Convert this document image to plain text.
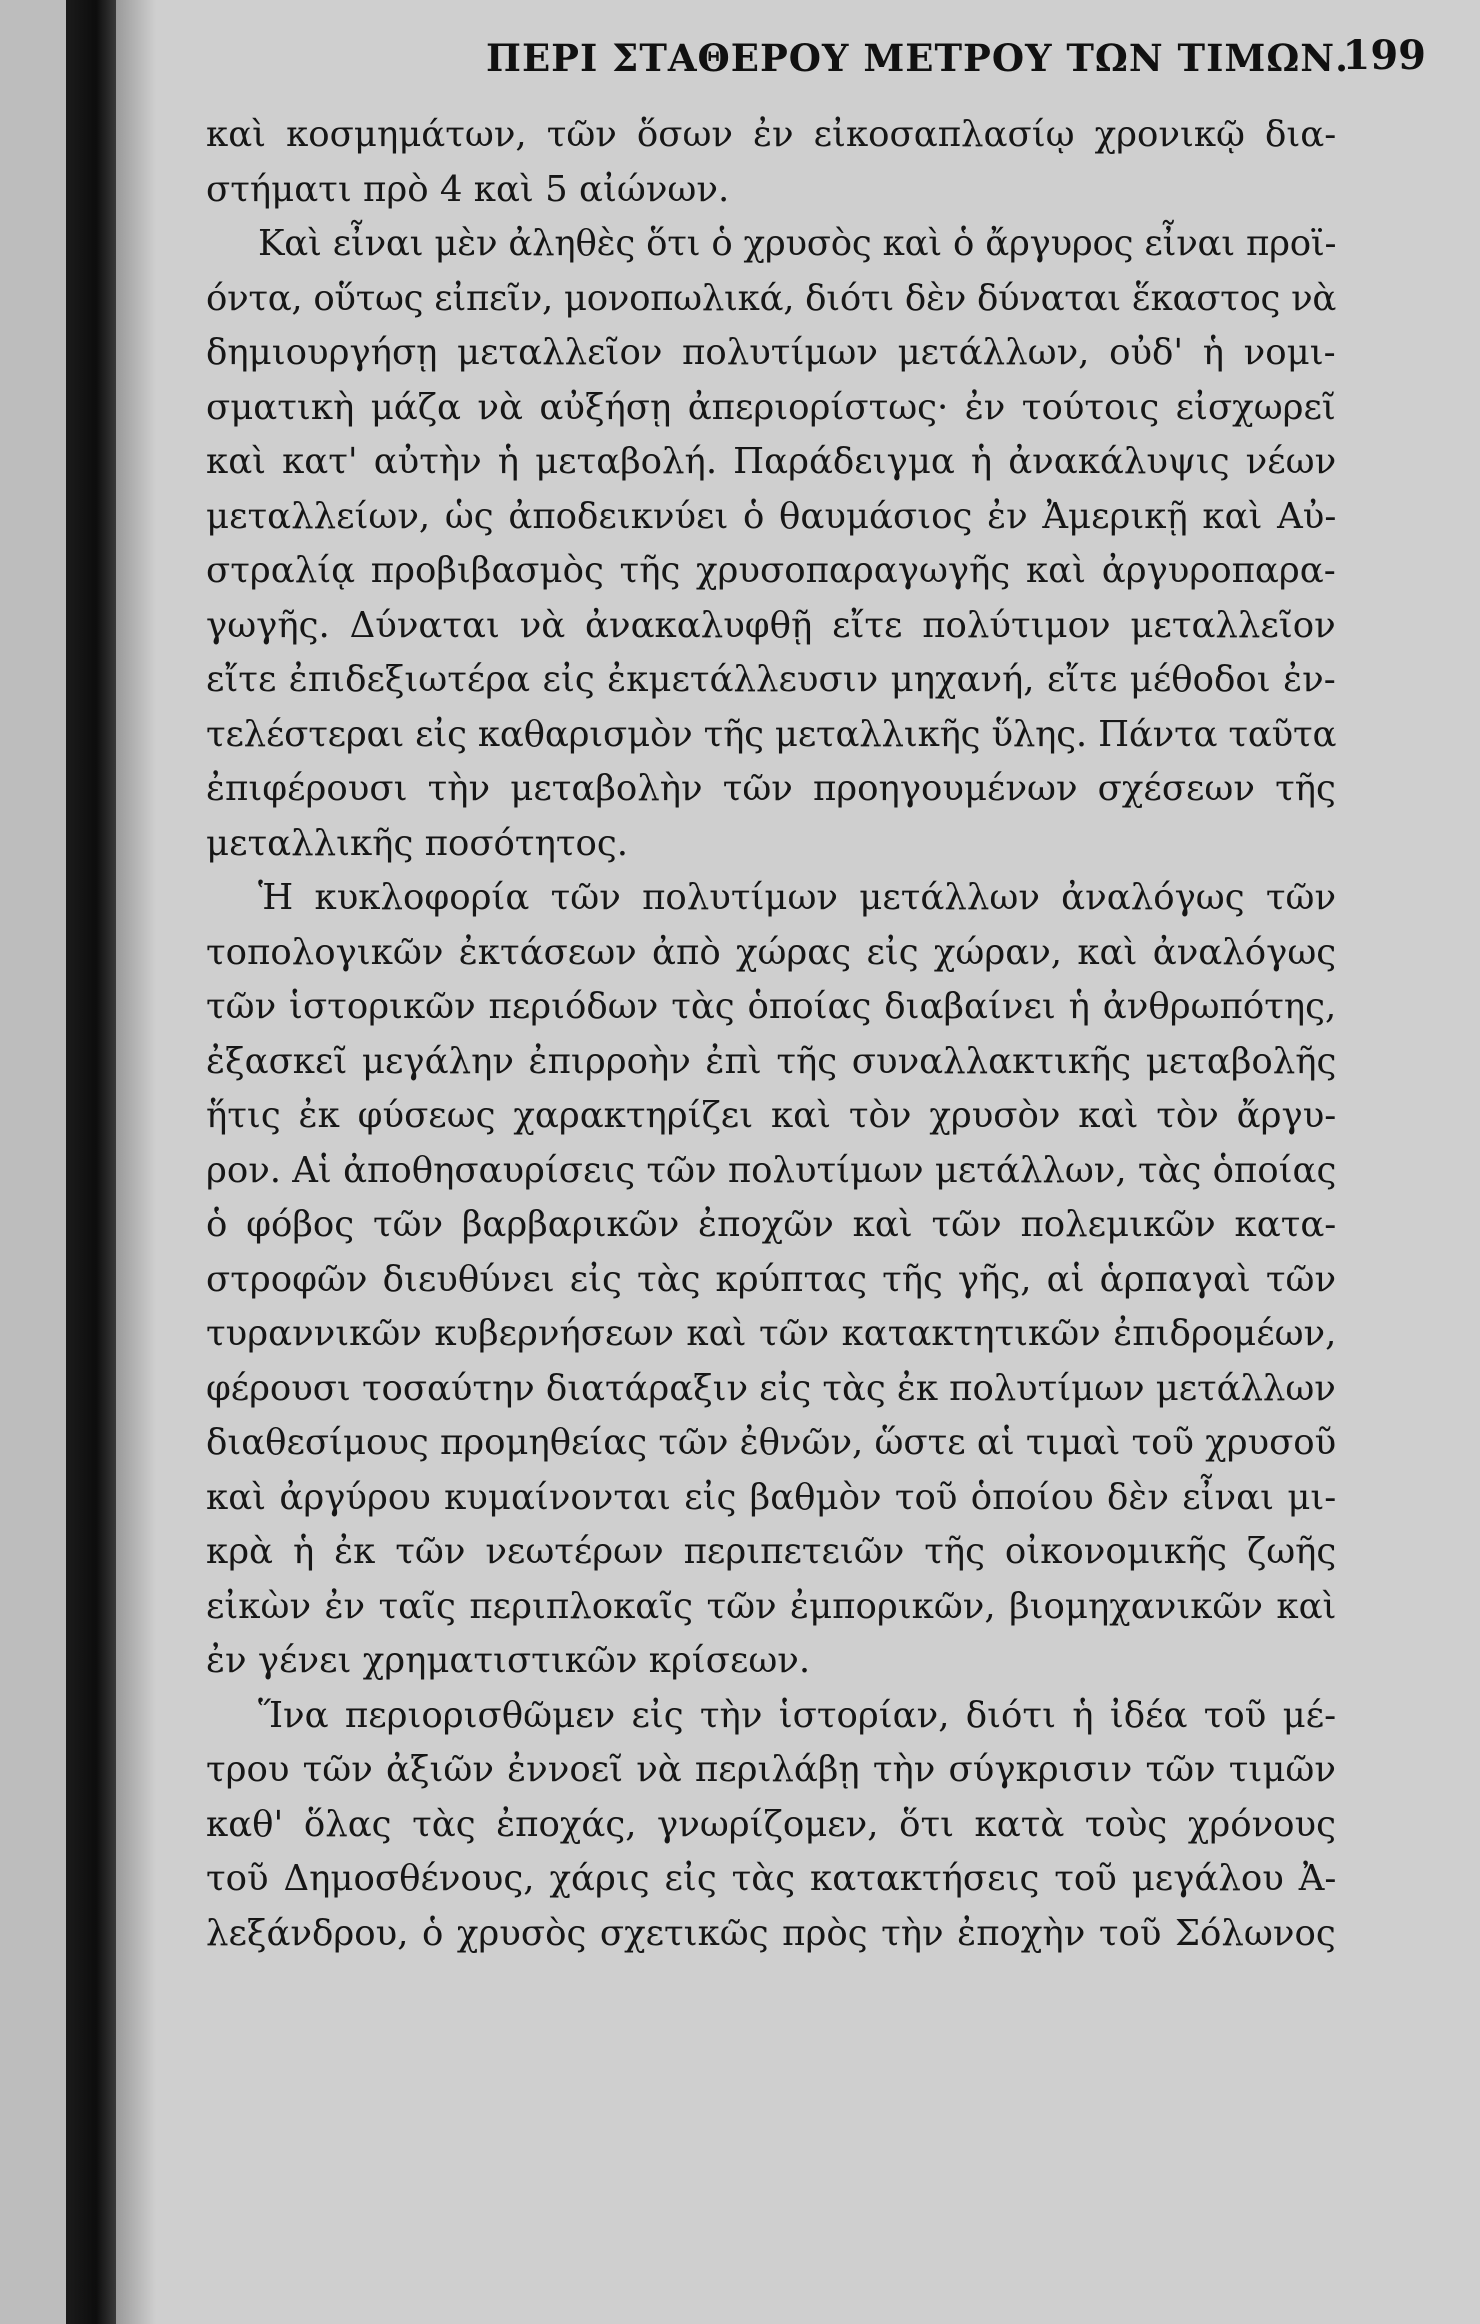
ΠΕΡΙ ΣΤΑΘΕΡΟΥ ΜΕΤΡΟΥ ΤΩΝ ΤΙΜΩΝ.
199
καὶ κοσμημάτων, τῶν ὅσων ἐν εἰκοσαπλασίῳ χρονικῷ δια-
στήματι πρὸ 4 καὶ 5 αἰώνων.
Καὶ εἶναι μὲν ἀληθὲς ὅτι ὁ χρυσὸς καὶ ὁ ἄργυρος εἶναι προϊ-
όντα, οὕτως εἰπεῖν, μονοπωλικά, διότι δὲν δύναται ἕκαστος νὰ
δημιουργήσῃ μεταλλεῖον πολυτίμων μετάλλων, οὐδ' ἡ νομι-
σματικὴ μάζα νὰ αὐξήσῃ ἀπεριορίστως· ἐν τούτοις εἰσχωρεῖ
καὶ κατ' αὐτὴν ἡ μεταβολή. Παράδειγμα ἡ ἀνακάλυψις νέων
μεταλλείων, ὡς ἀποδεικνύει ὁ θαυμάσιος ἐν Ἀμερικῇ καὶ Αὐ-
στραλίᾳ προβιβασμὸς τῆς χρυσοπαραγωγῆς καὶ ἀργυροπαρα-
γωγῆς. Δύναται νὰ ἀνακαλυφθῇ εἴτε πολύτιμον μεταλλεῖον
εἴτε ἐπιδεξιωτέρα εἰς ἐκμετάλλευσιν μηχανή, εἴτε μέθοδοι ἐν-
τελέστεραι εἰς καθαρισμὸν τῆς μεταλλικῆς ὕλης. Πάντα ταῦτα
ἐπιφέρουσι τὴν μεταβολὴν τῶν προηγουμένων σχέσεων τῆς
μεταλλικῆς ποσότητος.
Ἡ κυκλοφορία τῶν πολυτίμων μετάλλων ἀναλόγως τῶν
τοπολογικῶν ἐκτάσεων ἀπὸ χώρας εἰς χώραν, καὶ ἀναλόγως
τῶν ἱστορικῶν περιόδων τὰς ὁποίας διαβαίνει ἡ ἀνθρωπότης,
ἐξασκεῖ μεγάλην ἐπιρροὴν ἐπὶ τῆς συναλλακτικῆς μεταβολῆς
ἥτις ἐκ φύσεως χαρακτηρίζει καὶ τὸν χρυσὸν καὶ τὸν ἄργυ-
ρον. Αἱ ἀποθησαυρίσεις τῶν πολυτίμων μετάλλων, τὰς ὁποίας
ὁ φόβος τῶν βαρβαρικῶν ἐποχῶν καὶ τῶν πολεμικῶν κατα-
στροφῶν διευθύνει εἰς τὰς κρύπτας τῆς γῆς, αἱ ἁρπαγαὶ τῶν
τυραννικῶν κυβερνήσεων καὶ τῶν κατακτητικῶν ἐπιδρομέων,
φέρουσι τοσαύτην διατάραξιν εἰς τὰς ἐκ πολυτίμων μετάλλων
διαθεσίμους προμηθείας τῶν ἐθνῶν, ὥστε αἱ τιμαὶ τοῦ χρυσοῦ
καὶ ἀργύρου κυμαίνονται εἰς βαθμὸν τοῦ ὁποίου δὲν εἶναι μι-
κρὰ ἡ ἐκ τῶν νεωτέρων περιπετειῶν τῆς οἰκονομικῆς ζωῆς
εἰκὼν ἐν ταῖς περιπλοκαῖς τῶν ἐμπορικῶν, βιομηχανικῶν καὶ
ἐν γένει χρηματιστικῶν κρίσεων.
Ἵνα περιορισθῶμεν εἰς τὴν ἱστορίαν, διότι ἡ ἰδέα τοῦ μέ-
τρου τῶν ἀξιῶν ἐννοεῖ νὰ περιλάβῃ τὴν σύγκρισιν τῶν τιμῶν
καθ' ὅλας τὰς ἐποχάς, γνωρίζομεν, ὅτι κατὰ τοὺς χρόνους
τοῦ Δημοσθένους, χάρις εἰς τὰς κατακτήσεις τοῦ μεγάλου Ἀ-
λεξάνδρου, ὁ χρυσὸς σχετικῶς πρὸς τὴν ἐποχὴν τοῦ Σόλωνος
